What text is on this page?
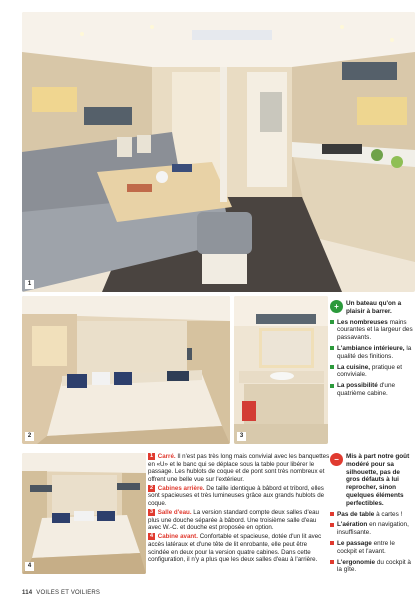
1
2	3
4

1 Carré. Il n'est pas très long mais convivial avec les banquettes en «U» et le banc qui se déplace sous la table pour libérer le passage. Les hublots de coque et de pont sont très nombreux et offrent une belle vue sur l'extérieur.

2 Cabines arrière. De taille identique à bâbord et tribord, elles sont spacieuses et très lumineuses grâce aux grands hublots de coque.

3 Salle d'eau. La version standard compte deux salles d'eau plus une douche séparée à bâbord. Une troisième salle d'eau avec W.-C. et douche est proposée en option.

4 Cabine avant. Confortable et spacieuse, dotée d'un lit avec accès latéraux et d'une tête de lit enrobante, elle peut être scindée en deux pour la version quatre cabines. Dans cette configuration, il n'y a plus que les deux salles d'eau à l'arrière.

+	Un bateau qu'on a plaisir à barrer.
Les nombreuses mains courantes et la largeur des passavants.
L'ambiance intérieure, la qualité des finitions.
La cuisine, pratique et conviviale.
La possibilité d'une quatrième cabine.
−	Mis à part notre goût modéré pour sa silhouette, pas de gros défauts à lui reprocher, sinon quelques éléments perfectibles.
Pas de table à cartes !
L'aération en navigation, insuffisante.
Le passage entre le cockpit et l'avant.
L'ergonomie du cockpit à la gîte.
114 VOILES ET VOILIERS
